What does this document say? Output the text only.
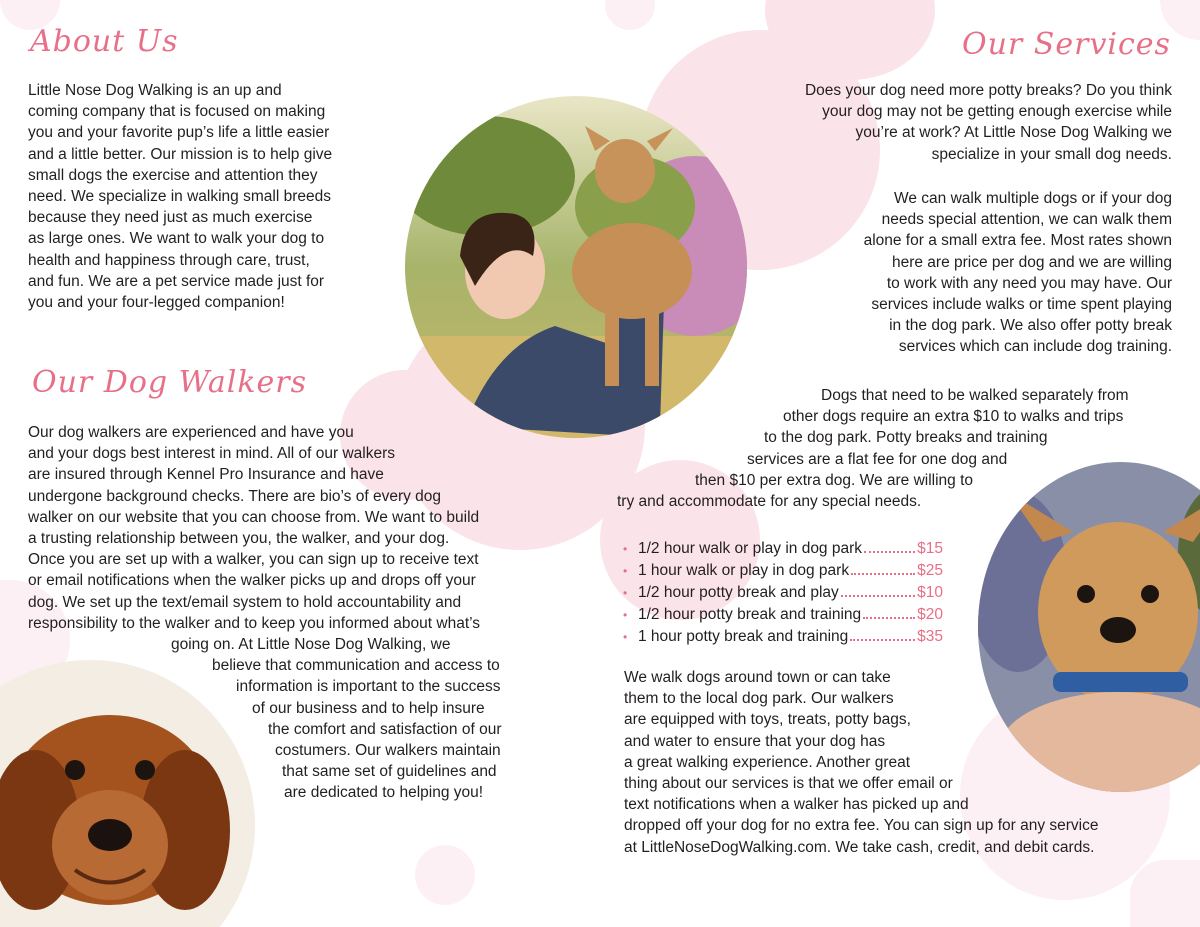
About Us
Little Nose Dog Walking is an up and
coming company that is focused on making
you and your favorite pup’s life a little easier
and a little better. Our mission is to help give
small dogs the exercise and attention they
need. We specialize in walking small breeds
because they need just as much exercise
as large ones. We want to walk your dog to
health and happiness through care, trust,
and fun. We are a pet service made just for
you and your four-legged companion!
Our Dog Walkers
Our dog walkers are experienced and have you
and your dogs best interest in mind. All of our walkers
are insured through Kennel Pro Insurance and have
undergone background checks. There are bio’s of every dog
walker on our website that you can choose from. We want to build
a trusting relationship between you, the walker, and your dog.
Once you are set up with a walker, you can sign up to receive text
or email notifications when the walker picks up and drops off your
dog. We set up the text/email system to hold accountability and
responsibility to the walker and to keep you informed about what’s
going on. At Little Nose Dog Walking, we
believe that communication and access to
information is important to the success
of our business and to help insure
the comfort and satisfaction of our
costumers. Our walkers maintain
that same set of guidelines and
are dedicated to helping you!
Our Services
Does your dog need more potty breaks? Do you think
your dog may not be getting enough exercise while
you’re at work? At Little Nose Dog Walking we
specialize in your small dog needs.
We can walk multiple dogs or if your dog
needs special attention, we can walk them
alone for a small extra fee. Most rates shown
here are price per dog and we are willing
to work with any need you may have. Our
services include walks or time spent playing
in the dog park. We also offer potty break
services which can include dog training.
Dogs that need to be walked separately from
other dogs require an extra $10 to walks and trips
to the dog park. Potty breaks and training
services are a flat fee for one dog and
then $10 per extra dog. We are willing to
try and accommodate for any special needs.
• 1/2 hour walk or play in dog park	$15
• 1 hour walk or play in dog park	$25
• 1/2 hour potty break and play	$10
• 1/2 hour potty break and training	$20
• 1 hour potty break and training	$35
We walk dogs around town or can take
them to the local dog park. Our walkers
are equipped with toys, treats, potty bags,
and water to ensure that your dog has
a great walking experience. Another great
thing about our services is that we offer email or
text notifications when a walker has picked up and
dropped off your dog for no extra fee. You can sign up for any service
at LittleNoseDogWalking.com. We take cash, credit, and debit cards.
